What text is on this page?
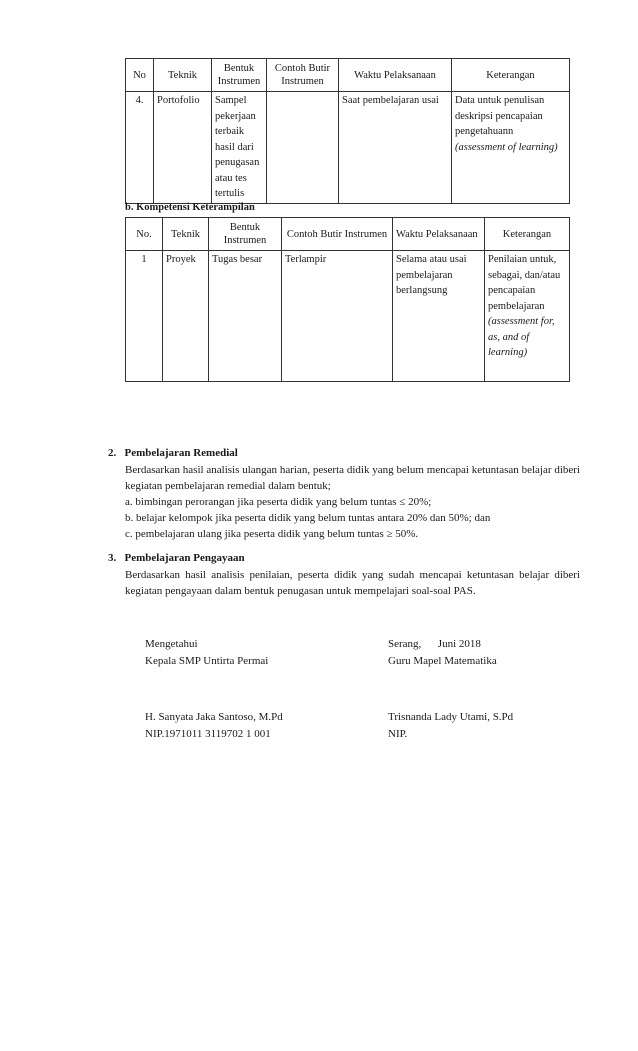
No	Teknik	Bentuk Instrumen	Contoh Butir Instrumen	Waktu Pelaksanaan	Keterangan
4.	Portofolio	Sampel pekerjaan terbaik hasil dari penugasan atau tes tertulis		Saat pembelajaran usai	Data untuk penulisan deskripsi pencapaian pengetahuann (assessment of learning)
b. Kompetensi Keterampilan
No.	Teknik	Bentuk Instrumen	Contoh Butir Instrumen	Waktu Pelaksanaan	Keterangan
1	Proyek	Tugas besar	Terlampir	Selama atau usai pembelajaran berlangsung	Penilaian untuk, sebagai, dan/atau pencapaian pembelajaran (assessment for, as, and of learning)
2.   Pembelajaran Remedial
Berdasarkan hasil analisis ulangan harian, peserta didik yang belum mencapai ketuntasan belajar diberi kegiatan pembelajaran remedial dalam bentuk;
a. bimbingan perorangan jika peserta didik yang belum tuntas ≤ 20%;
b. belajar kelompok jika peserta didik yang belum tuntas antara 20% dan 50%; dan
c. pembelajaran ulang jika peserta didik yang belum tuntas ≥ 50%.
3.   Pembelajaran Pengayaan
Berdasarkan hasil analisis penilaian, peserta didik yang sudah mencapai ketuntasan belajar diberi kegiatan pengayaan dalam bentuk penugasan untuk mempelajari soal-soal PAS.
Mengetahui
Kepala SMP Untirta Permai
H. Sanyata Jaka Santoso, M.Pd
NIP.1971011 3119702 1 001
Serang,      Juni 2018
Guru Mapel Matematika
Trisnanda Lady Utami, S.Pd
NIP.
